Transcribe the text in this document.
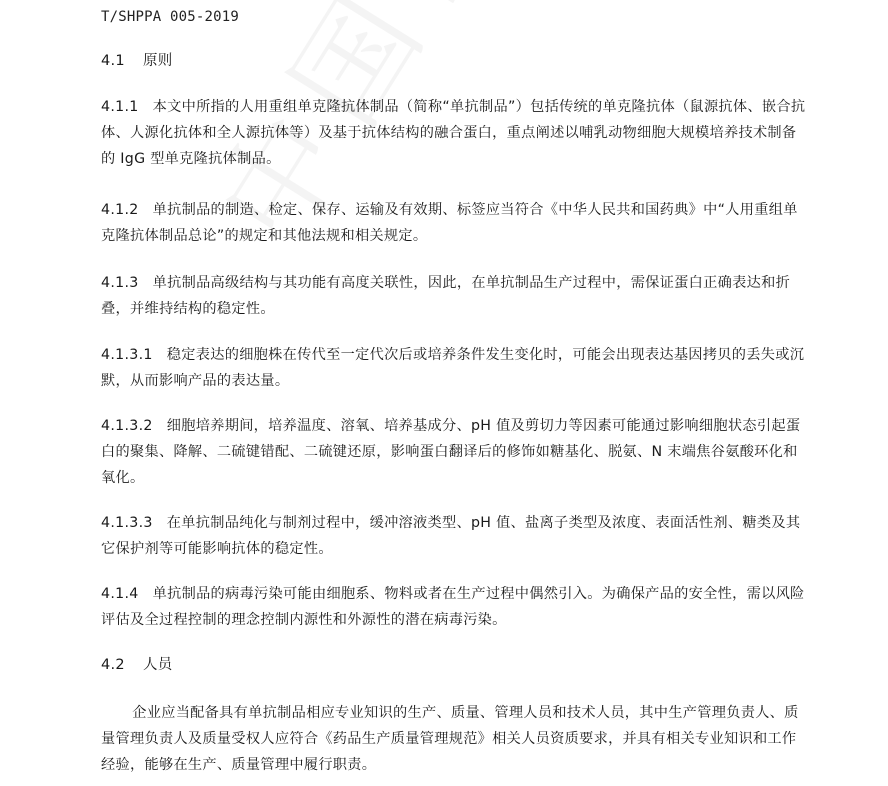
T/SHPPA 005-2019

4.1 原则

4.1.1 本文中所指的人用重组单克隆抗体制品（简称“单抗制品”）包括传统的单克隆抗体（鼠源抗体、嵌合抗体、人源化抗体和全人源抗体等）及基于抗体结构的融合蛋白，重点阐述以哺乳动物细胞大规模培养技术制备的 IgG 型单克隆抗体制品。

4.1.2 单抗制品的制造、检定、保存、运输及有效期、标签应当符合《中华人民共和国药典》中“人用重组单克隆抗体制品总论”的规定和其他法规和相关规定。

4.1.3 单抗制品高级结构与其功能有高度关联性，因此，在单抗制品生产过程中，需保证蛋白正确表达和折叠，并维持结构的稳定性。

4.1.3.1 稳定表达的细胞株在传代至一定代次后或培养条件发生变化时，可能会出现表达基因拷贝的丢失或沉默，从而影响产品的表达量。

4.1.3.2 细胞培养期间，培养温度、溶氧、培养基成分、pH 值及剪切力等因素可能通过影响细胞状态引起蛋白的聚集、降解、二硫键错配、二硫键还原，影响蛋白翻译后的修饰如糖基化、脱氨、N 末端焦谷氨酸环化和氧化。

4.1.3.3 在单抗制品纯化与制剂过程中，缓冲溶液类型、pH 值、盐离子类型及浓度、表面活性剂、糖类及其它保护剂等可能影响抗体的稳定性。

4.1.4 单抗制品的病毒污染可能由细胞系、物料或者在生产过程中偶然引入。为确保产品的安全性，需以风险评估及全过程控制的理念控制内源性和外源性的潜在病毒污染。

4.2 人员

企业应当配备具有单抗制品相应专业知识的生产、质量、管理人员和技术人员，其中生产管理负责人、质量管理负责人及质量受权人应符合《药品生产质量管理规范》相关人员资质要求，并具有相关专业知识和工作经验，能够在生产、质量管理中履行职责。
